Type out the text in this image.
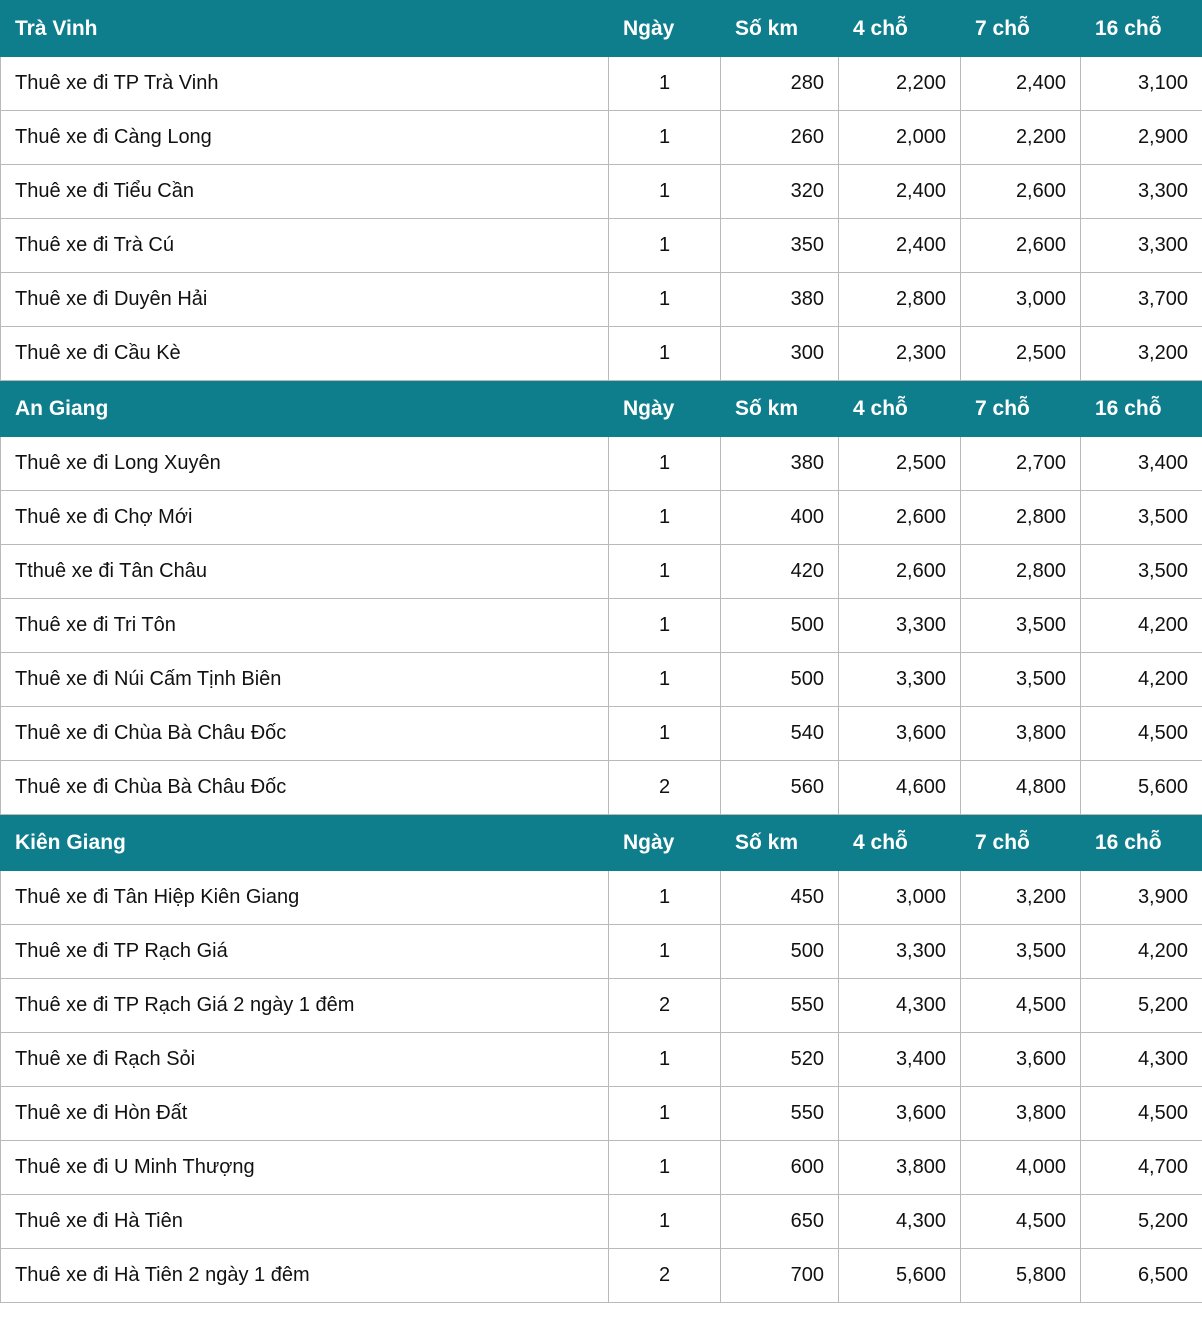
Trà Vinh	Ngày	Số km	4 chỗ	7 chỗ	16 chỗ
Thuê xe đi TP Trà Vinh	1	280	2,200	2,400	3,100
Thuê xe đi Càng Long	1	260	2,000	2,200	2,900
Thuê xe đi Tiểu Cần	1	320	2,400	2,600	3,300
Thuê xe đi Trà Cú	1	350	2,400	2,600	3,300
Thuê xe đi Duyên Hải	1	380	2,800	3,000	3,700
Thuê xe đi Cầu Kè	1	300	2,300	2,500	3,200
An Giang	Ngày	Số km	4 chỗ	7 chỗ	16 chỗ
Thuê xe đi Long Xuyên	1	380	2,500	2,700	3,400
Thuê xe đi Chợ Mới	1	400	2,600	2,800	3,500
Tthuê xe đi Tân Châu	1	420	2,600	2,800	3,500
Thuê xe đi Tri Tôn	1	500	3,300	3,500	4,200
Thuê xe đi Núi Cấm Tịnh Biên	1	500	3,300	3,500	4,200
Thuê xe đi Chùa Bà Châu Đốc	1	540	3,600	3,800	4,500
Thuê xe đi Chùa Bà Châu Đốc	2	560	4,600	4,800	5,600
Kiên Giang	Ngày	Số km	4 chỗ	7 chỗ	16 chỗ
Thuê xe đi Tân Hiệp Kiên Giang	1	450	3,000	3,200	3,900
Thuê xe đi TP Rạch Giá	1	500	3,300	3,500	4,200
Thuê xe đi TP Rạch Giá 2 ngày 1 đêm	2	550	4,300	4,500	5,200
Thuê xe đi Rạch Sỏi	1	520	3,400	3,600	4,300
Thuê xe đi Hòn Đất	1	550	3,600	3,800	4,500
Thuê xe đi U Minh Thượng	1	600	3,800	4,000	4,700
Thuê xe đi Hà Tiên	1	650	4,300	4,500	5,200
Thuê xe đi Hà Tiên 2 ngày 1 đêm	2	700	5,600	5,800	6,500
